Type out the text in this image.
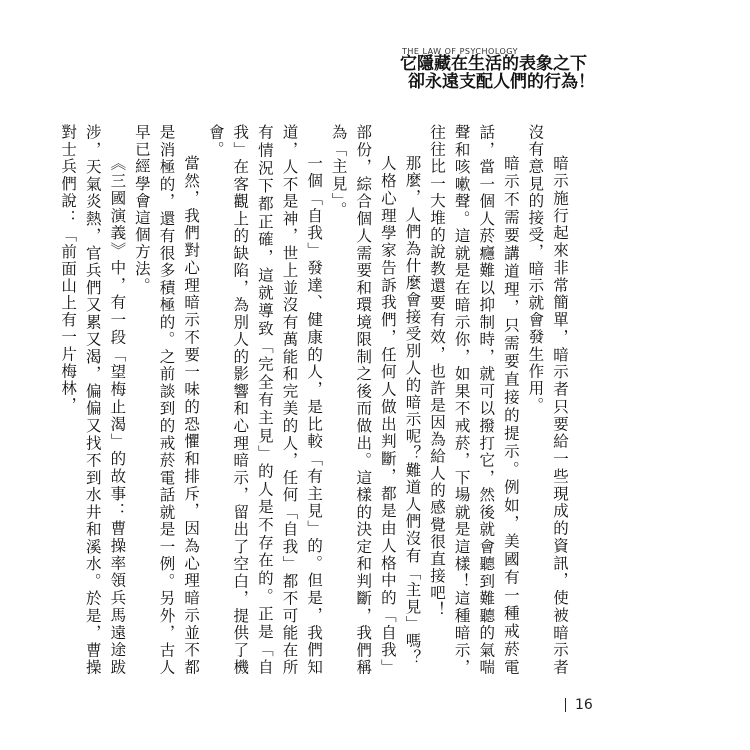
THE LAW OF PSYCHOLOGY
它隱藏在生活的表象之下
卻永遠支配人們的行為！

暗示施行起來非常簡單，暗示者只要給一些現成的資訊，使被暗示者沒有意見的接受，暗示就會發生作用。

暗示不需要講道理，只需要直接的提示。例如，美國有一種戒菸電話，當一個人菸癮難以抑制時，就可以撥打它，然後就會聽到難聽的氣喘聲和咳嗽聲。這就是在暗示你，如果不戒菸，下場就是這樣！這種暗示，往往比一大堆的說教還要有效，也許是因為給人的感覺很直接吧！

那麼，人們為什麼會接受別人的暗示呢？難道人們沒有「主見」嗎？

人格心理學家告訴我們，任何人做出判斷，都是由人格中的「自我」部份，綜合個人需要和環境限制之後而做出。這樣的決定和判斷，我們稱為「主見」。

一個「自我」發達、健康的人，是比較「有主見」的。但是，我們知道，人不是神，世上並沒有萬能和完美的人，任何「自我」都不可能在所有情況下都正確，這就導致「完全有主見」的人是不存在的。正是「自我」在客觀上的缺陷，為別人的影響和心理暗示，留出了空白，提供了機會。

當然，我們對心理暗示不要一味的恐懼和排斥，因為心理暗示並不都是消極的，還有很多積極的。之前談到的戒菸電話就是一例。另外，古人早已經學會這個方法。

《三國演義》中，有一段「望梅止渴」的故事：曹操率領兵馬遠途跋涉，天氣炎熱，官兵們又累又渴，偏偏又找不到水井和溪水。於是，曹操對士兵們說：「前面山上有一片梅林，

16
